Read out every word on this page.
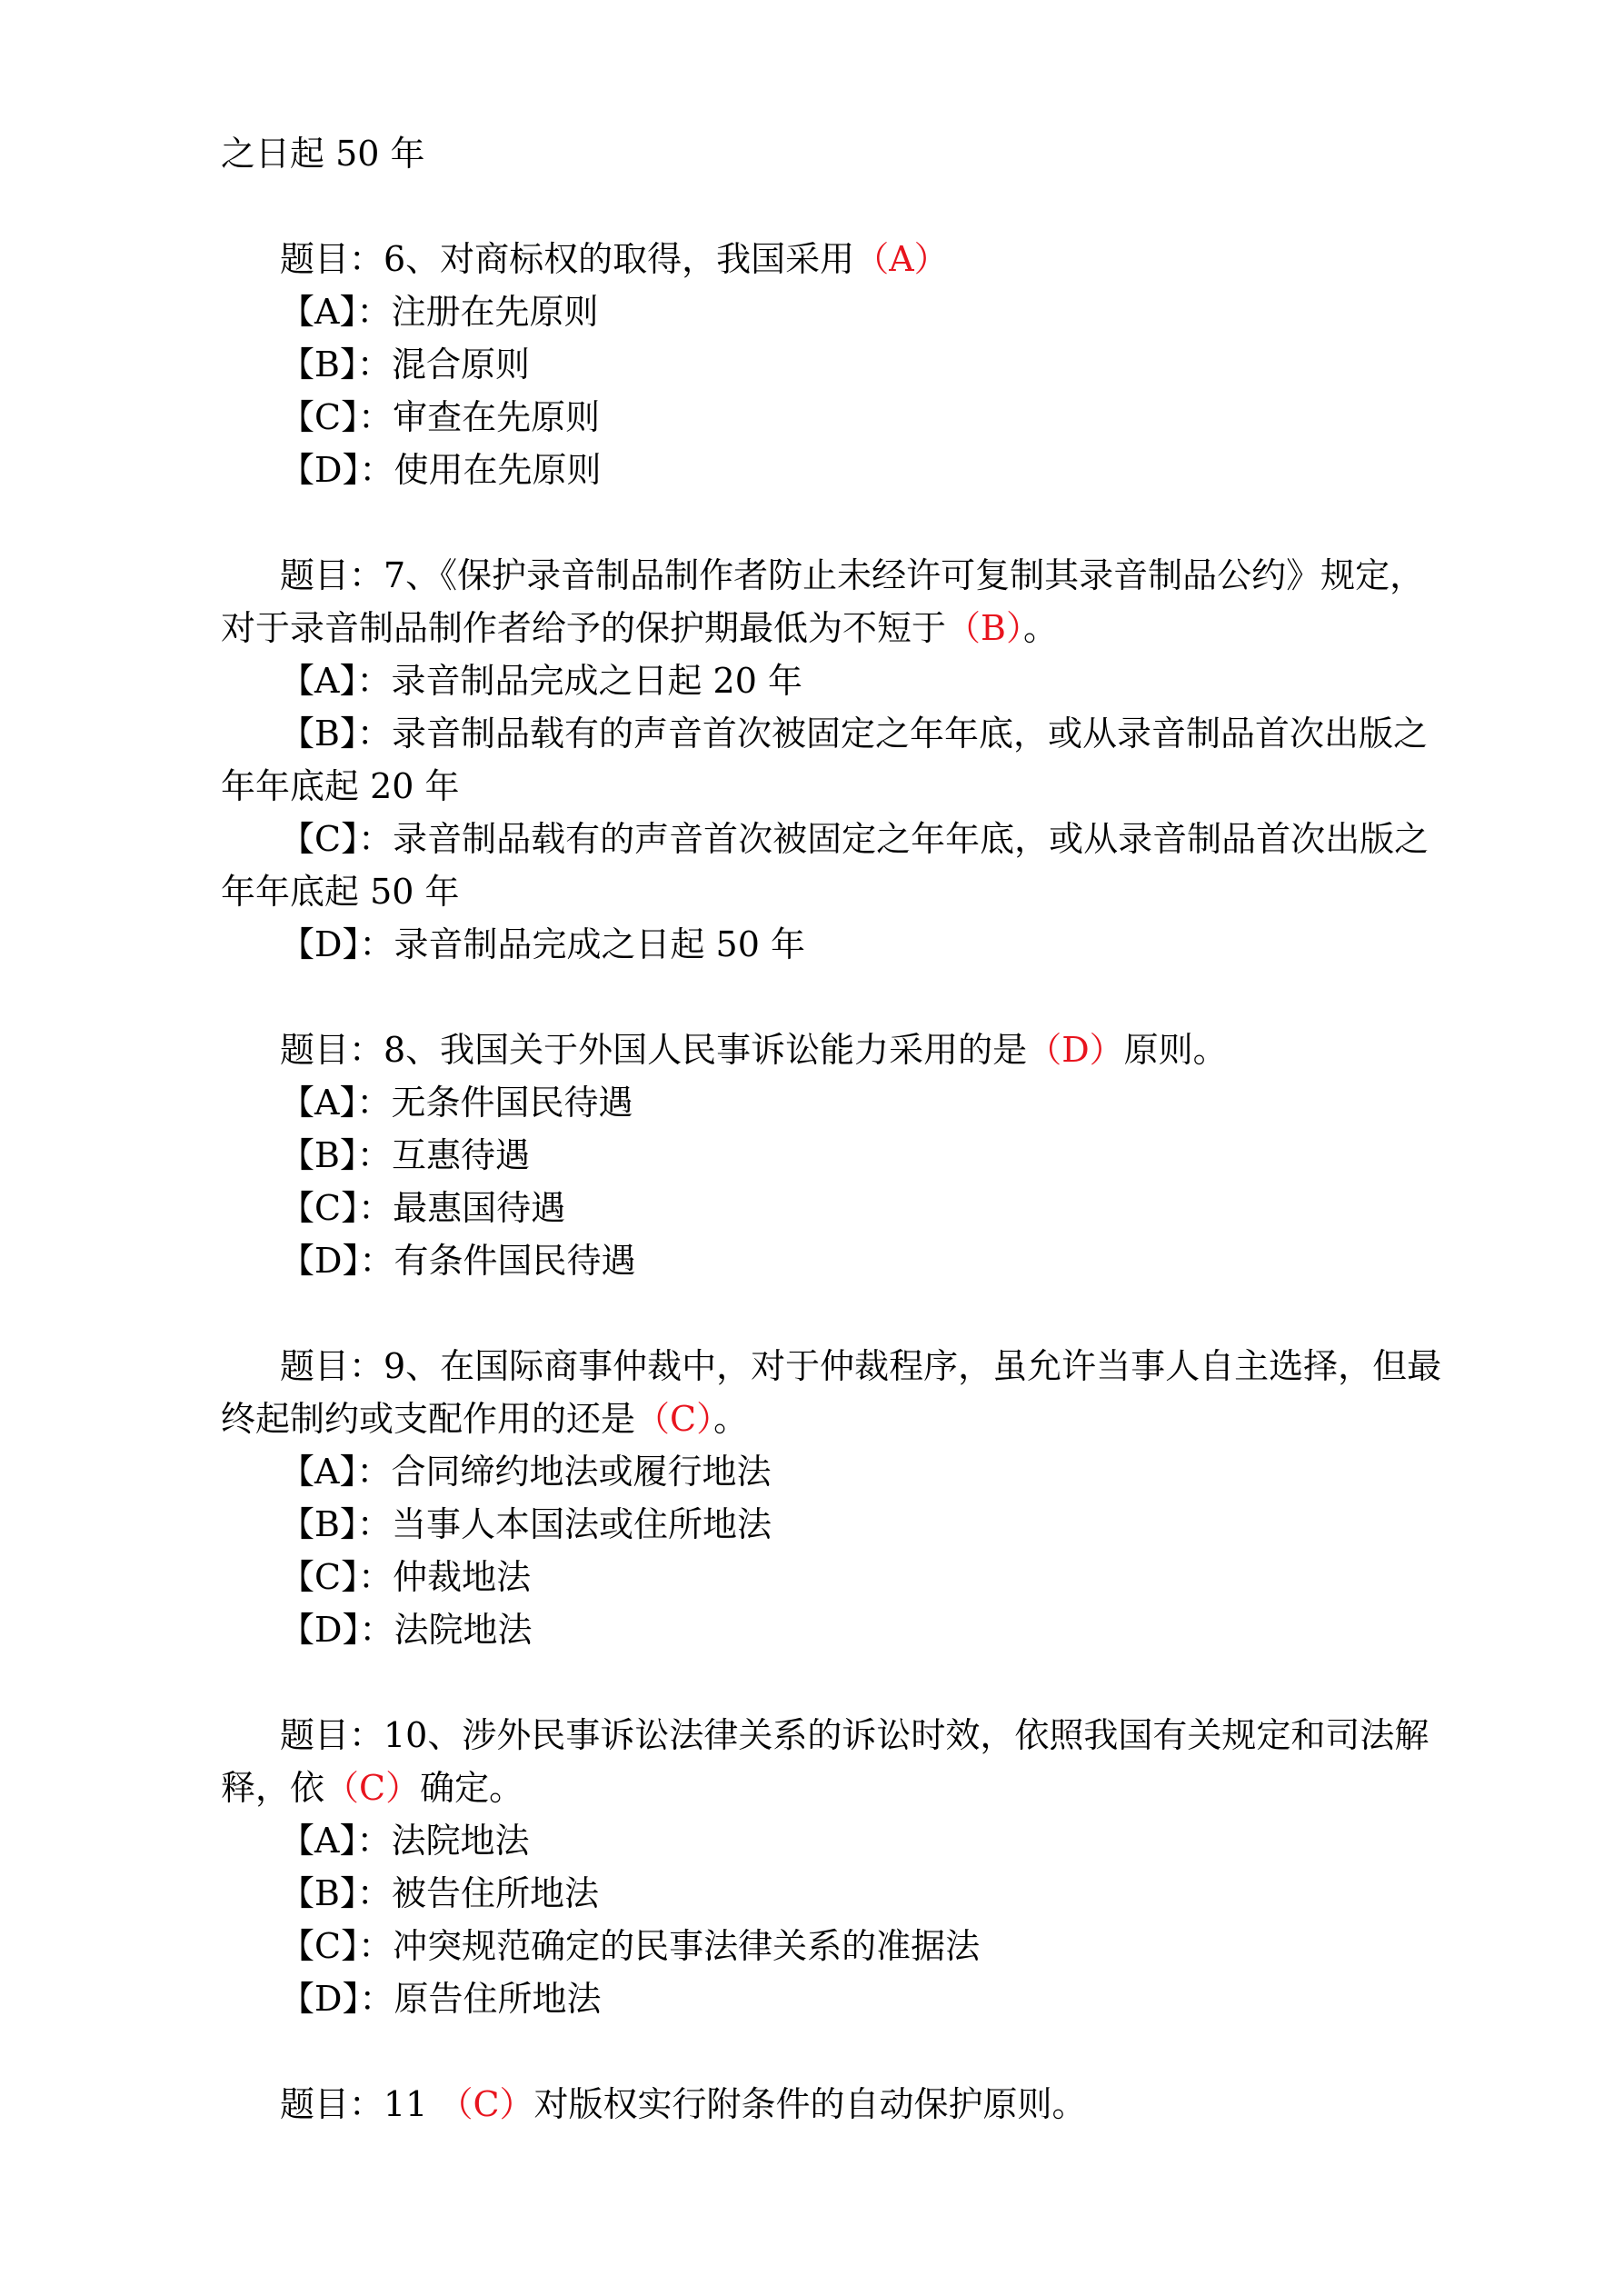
之日起 50 年
题目：6、对商标权的取得，我国采用（A）
【A】：注册在先原则
【B】：混合原则
【C】：审查在先原则
【D】：使用在先原则
题目：7、《保护录音制品制作者防止未经许可复制其录音制品公约》规定，
对于录音制品制作者给予的保护期最低为不短于（B）。
【A】：录音制品完成之日起 20 年
【B】：录音制品载有的声音首次被固定之年年底，或从录音制品首次出版之
年年底起 20 年
【C】：录音制品载有的声音首次被固定之年年底，或从录音制品首次出版之
年年底起 50 年
【D】：录音制品完成之日起 50 年
题目：8、我国关于外国人民事诉讼能力采用的是（D）原则。
【A】：无条件国民待遇
【B】：互惠待遇
【C】：最惠国待遇
【D】：有条件国民待遇
题目：9、在国际商事仲裁中，对于仲裁程序，虽允许当事人自主选择，但最
终起制约或支配作用的还是（C）。
【A】：合同缔约地法或履行地法
【B】：当事人本国法或住所地法
【C】：仲裁地法
【D】：法院地法
题目：10、涉外民事诉讼法律关系的诉讼时效，依照我国有关规定和司法解
释，依（C）确定。
【A】：法院地法
【B】：被告住所地法
【C】：冲突规范确定的民事法律关系的准据法
【D】：原告住所地法
题目：11 （C）对版权实行附条件的自动保护原则。
